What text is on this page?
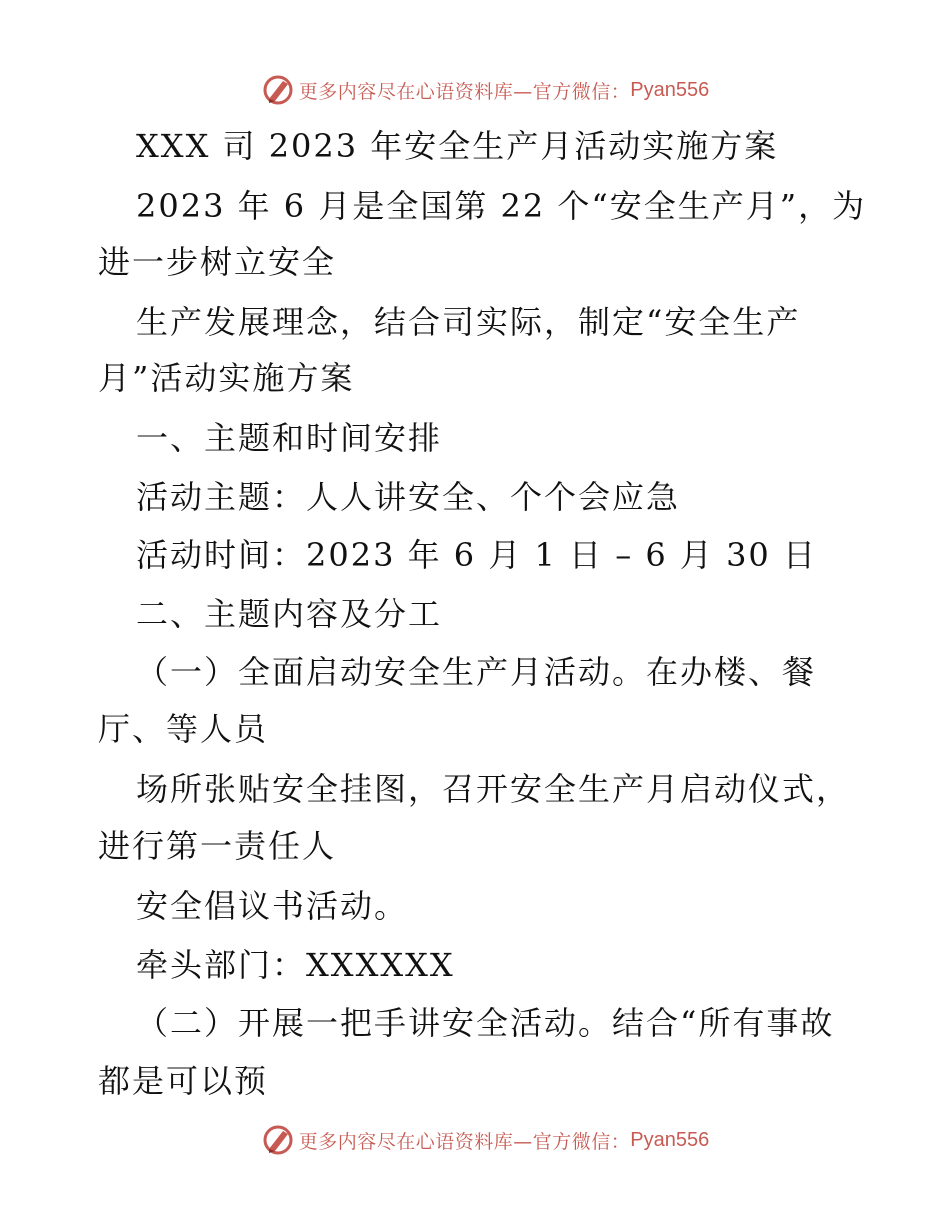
更多内容尽在心语资料库—官方微信： Pyan556
XXX 司 2023 年安全生产月活动实施方案
2023 年 6 月是全国第 22 个“安全生产月”，为
进一步树立安全
生产发展理念，结合司实际，制定“安全生产
月”活动实施方案
一、主题和时间安排
活动主题：人人讲安全、个个会应急
活动时间：2023 年 6 月 1 日 – 6 月 30 日
二、主题内容及分工
（一）全面启动安全生产月活动。在办楼、餐
厅、等人员
场所张贴安全挂图，召开安全生产月启动仪式，
进行第一责任人
安全倡议书活动。
牵头部门：XXXXXX
（二）开展一把手讲安全活动。结合“所有事故
都是可以预
更多内容尽在心语资料库—官方微信： Pyan556
